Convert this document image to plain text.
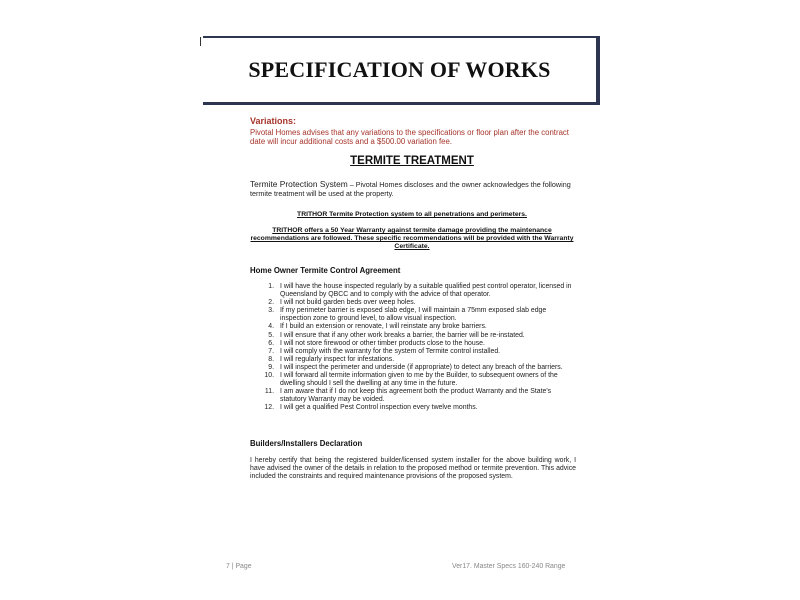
SPECIFICATION OF WORKS
Variations:
Pivotal Homes advises that any variations to the specifications or floor plan after the contract date will incur additional costs and a $500.00 variation fee.
TERMITE TREATMENT
Termite Protection System – Pivotal Homes discloses and the owner acknowledges the following termite treatment will be used at the property.
TRITHOR Termite Protection system to all penetrations and perimeters.
TRITHOR offers a 50 Year Warranty against termite damage providing the maintenance recommendations are followed. These specific recommendations will be provided with the Warranty Certificate.
Home Owner Termite Control Agreement
1. I will have the house inspected regularly by a suitable qualified pest control operator, licensed in Queensland by QBCC and to comply with the advice of that operator.
2. I will not build garden beds over weep holes.
3. If my perimeter barrier is exposed slab edge, I will maintain a 75mm exposed slab edge inspection zone to ground level, to allow visual inspection.
4. If I build an extension or renovate, I will reinstate any broke barriers.
5. I will ensure that if any other work breaks a barrier, the barrier will be re-instated.
6. I will not store firewood or other timber products close to the house.
7. I will comply with the warranty for the system of Termite control installed.
8. I will regularly inspect for infestations.
9. I will inspect the perimeter and underside (if appropriate) to detect any breach of the barriers.
10. I will forward all termite information given to me by the Builder, to subsequent owners of the dwelling should I sell the dwelling at any time in the future.
11. I am aware that if I do not keep this agreement both the product Warranty and the State's statutory Warranty may be voided.
12. I will get a qualified Pest Control inspection every twelve months.
Builders/Installers Declaration
I hereby certify that being the registered builder/licensed system installer for the above building work, I have advised the owner of the details in relation to the proposed method or termite prevention. This advice included the constraints and required maintenance provisions of the proposed system.
7 | Page	Ver17. Master Specs 160-240 Range
